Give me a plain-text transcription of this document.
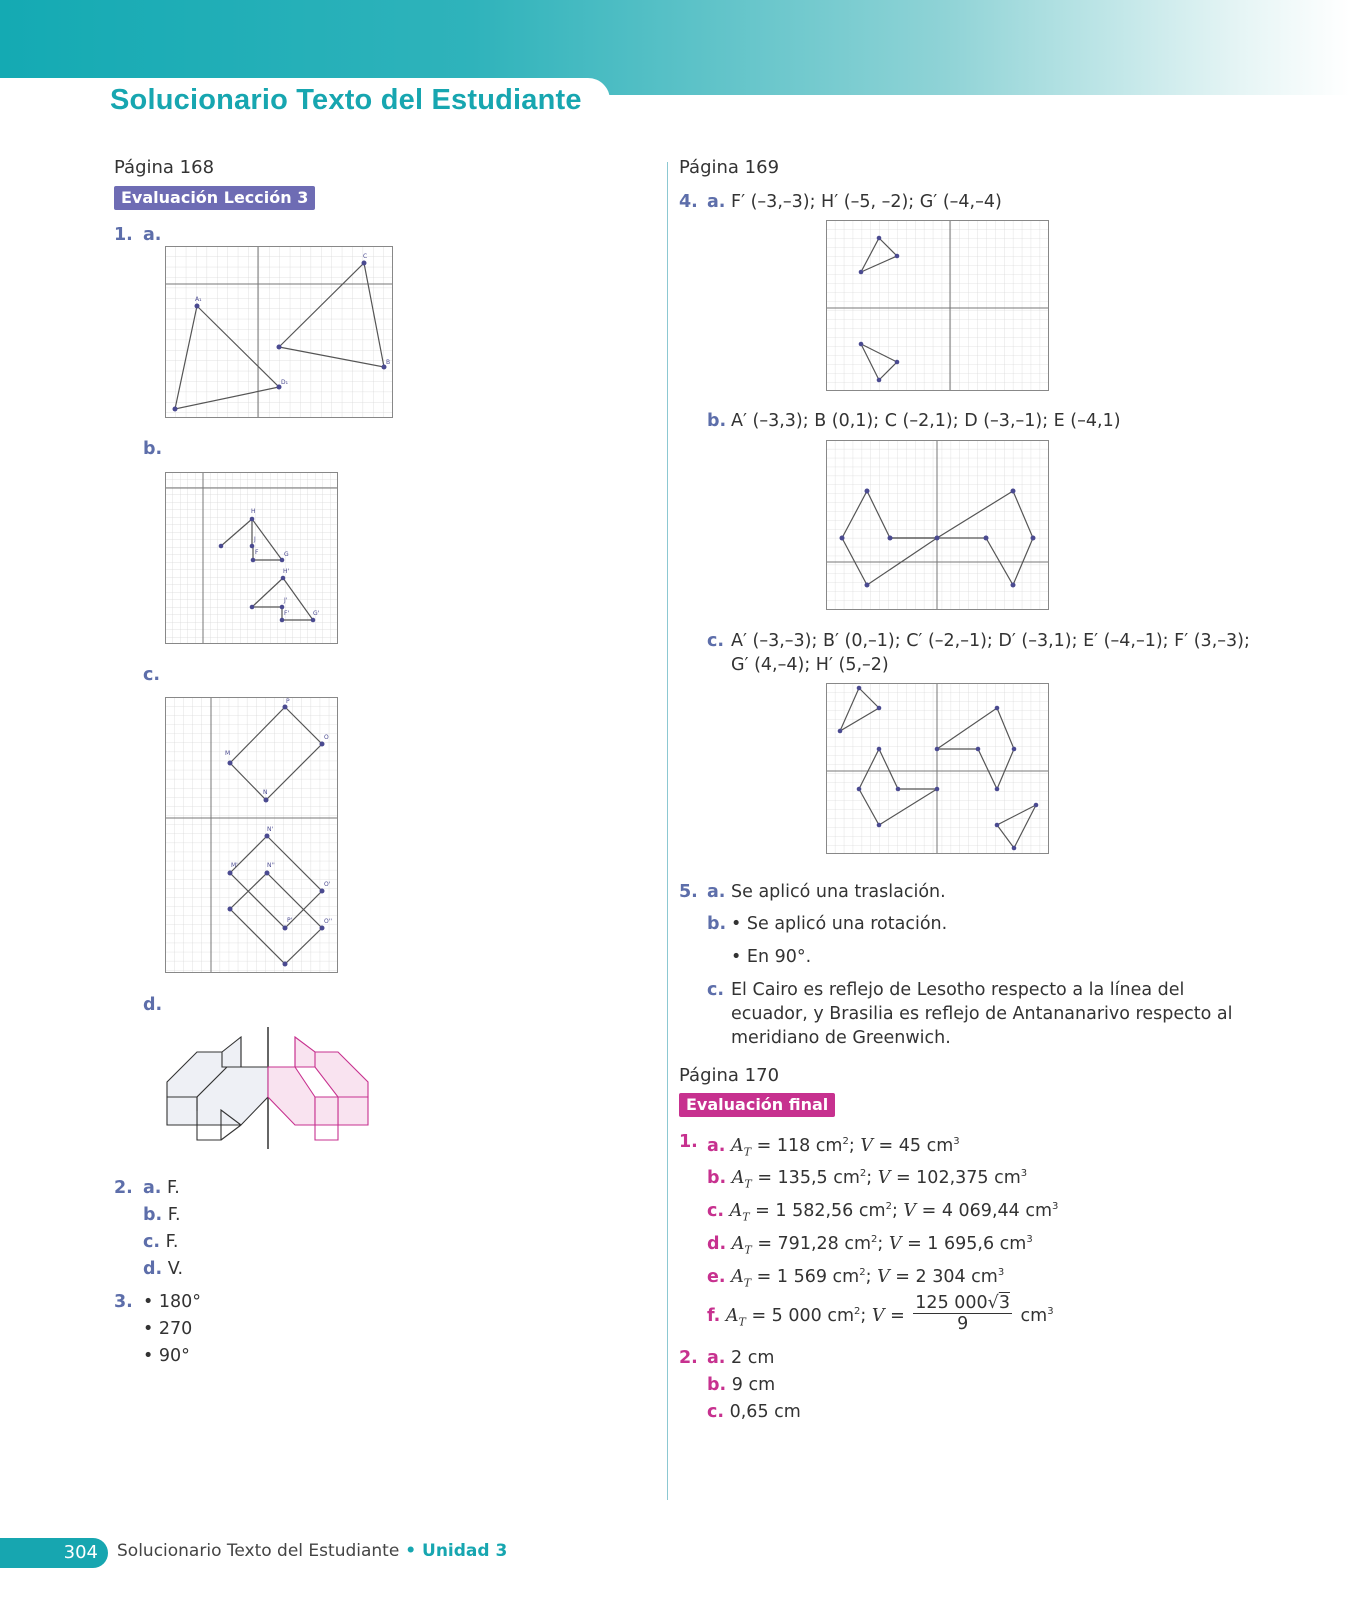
Solucionario Texto del Estudiante
Página 168
Evaluación Lección 3
1. a.
A₁
B
C
D₁
b.
H
J
F	G
H'
J'
F'	G'
c.
P
M
N
O
N'
M'	N''
O'
O''
P'
d.
2. a. F.
b. F.
c. F.
d. V.
3. • 180°
• 270
• 90°
Página 169
4. a. F′ (–3,–3); H′ (–5, –2); G′ (–4,–4)
b. A′ (–3,3); B (0,1); C (–2,1); D (–3,–1); E (–4,1)
c. A′ (–3,–3); B′ (0,–1); C′ (–2,–1); D′ (–3,1); E′ (–4,–1); F′ (3,–3);
G′ (4,–4); H′ (5,–2)
5. a. Se aplicó una traslación.
b. • Se aplicó una rotación.
• En 90°.
c. El Cairo es reflejo de Lesotho respecto a la línea del
ecuador, y Brasilia es reflejo de Antananarivo respecto al
meridiano de Greenwich.
Página 170
Evaluación final
1. a. $A_T = 118$ $cm^2$; V = 45 $cm^3$
b. $A_T = 135,5$ $cm^2$; V = 102,375 $cm^3$
c. $A_T = 1$ 582,56 $cm^2$; V = 4 069,44 $cm^3$
d. $A_T = 791,28$ $cm^2$; V = 1 695,6 $cm^3$
e. $A_T = 1$ 569 $cm^2$; V = 2 304 $cm^3$
f. $A_T = 5$ 000 $cm^2$; $V = \frac{125 000√3}{9} cm^3$
2. a. 2 cm
b. 9 cm
c. 0,65 cm
304 Solucionario Texto del Estudiante • Unidad 3
